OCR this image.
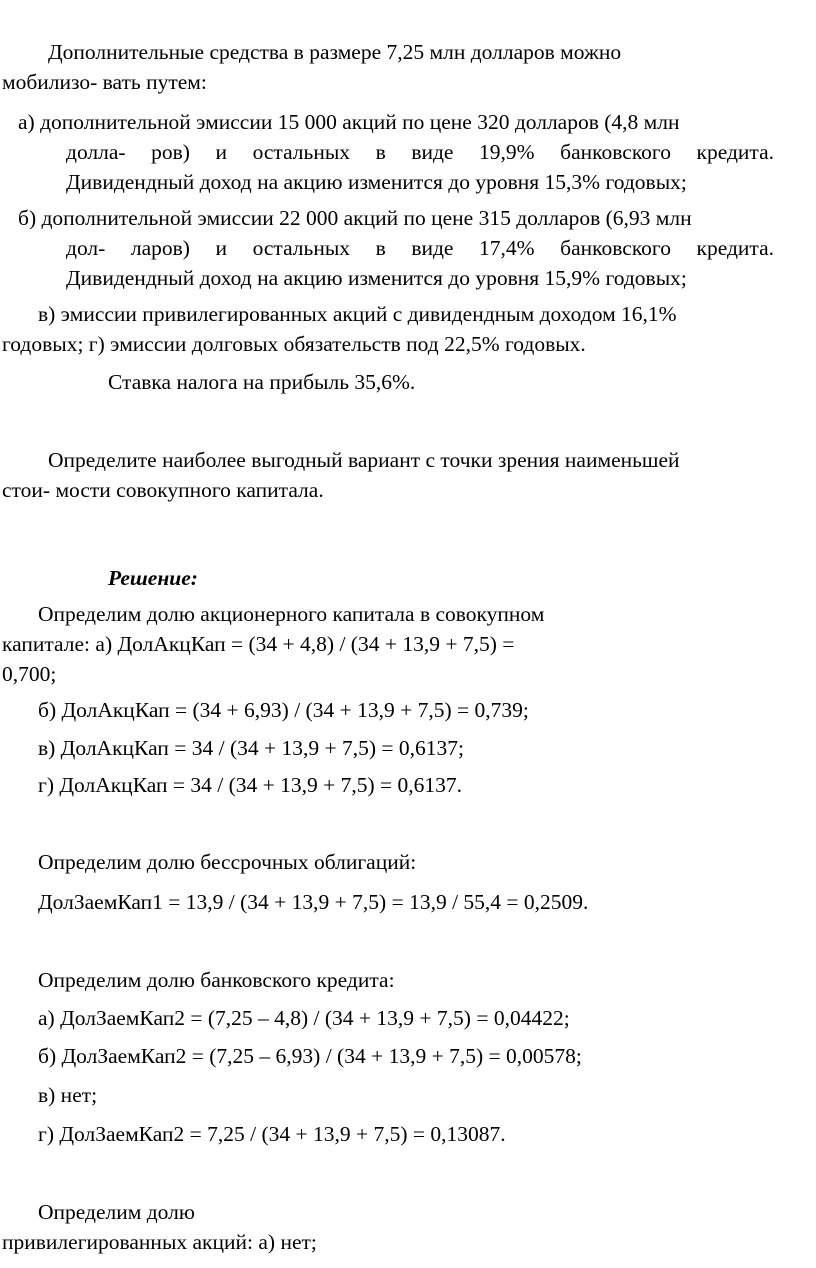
Дополнительные средства в размере 7,25 млн долларов можно
мобилизо- вать путем:
а) дополнительной эмиссии 15 000 акций по цене 320 долларов (4,8 млн
долла- ров) и остальных в виде 19,9% банковского кредита.
Дивидендный доход на акцию изменится до уровня 15,3% годовых;
б) дополнительной эмиссии 22 000 акций по цене 315 долларов (6,93 млн
дол- ларов) и остальных в виде 17,4% банковского кредита.
Дивидендный доход на акцию изменится до уровня 15,9% годовых;
в) эмиссии привилегированных акций с дивидендным доходом 16,1%
годовых; г) эмиссии долговых обязательств под 22,5% годовых.
Ставка налога на прибыль 35,6%.
Определите наиболее выгодный вариант с точки зрения наименьшей
стои- мости совокупного капитала.
Решение:
Определим долю акционерного капитала в совокупном
капитале: а) ДолАкцКап = (34 + 4,8) / (34 + 13,9 + 7,5) =
0,700;
б) ДолАкцКап = (34 + 6,93) / (34 + 13,9 + 7,5) = 0,739;
в) ДолАкцКап = 34 / (34 + 13,9 + 7,5) = 0,6137;
г) ДолАкцКап = 34 / (34 + 13,9 + 7,5) = 0,6137.
Определим долю бессрочных облигаций:
ДолЗаемКап1 = 13,9 / (34 + 13,9 + 7,5) = 13,9 / 55,4 = 0,2509.
Определим долю банковского кредита:
а) ДолЗаемКап2 = (7,25 – 4,8) / (34 + 13,9 + 7,5) = 0,04422;
б) ДолЗаемКап2 = (7,25 – 6,93) / (34 + 13,9 + 7,5) = 0,00578;
в) нет;
г) ДолЗаемКап2 = 7,25 / (34 + 13,9 + 7,5) = 0,13087.
Определим долю
привилегированных акций: а) нет;
